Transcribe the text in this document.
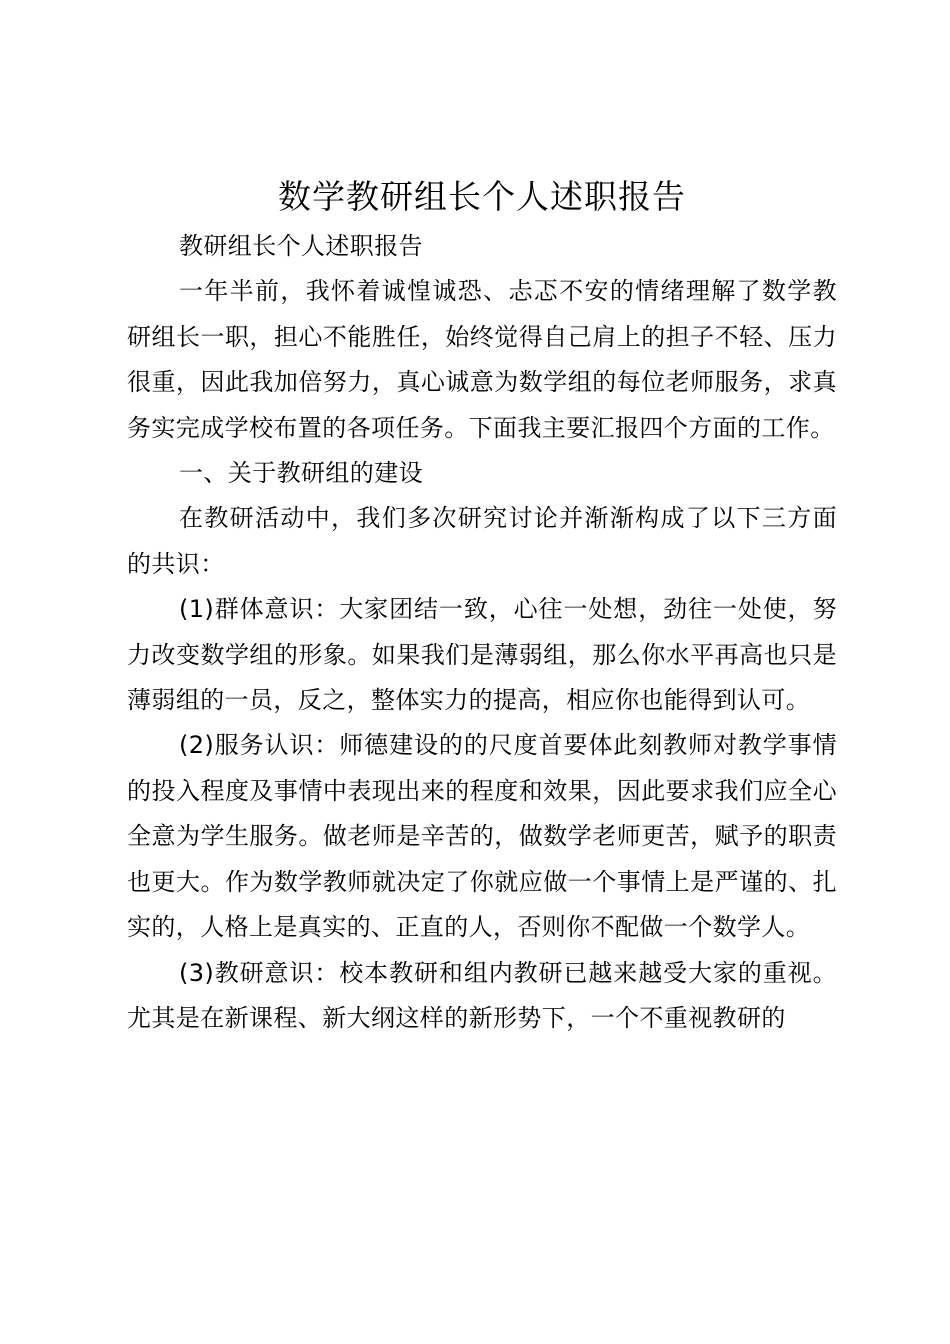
数学教研组长个人述职报告

教研组长个人述职报告

一年半前，我怀着诚惶诚恐、忐忑不安的情绪理解了数学教研组长一职，担心不能胜任，始终觉得自己肩上的担子不轻、压力很重，因此我加倍努力，真心诚意为数学组的每位老师服务，求真务实完成学校布置的各项任务。下面我主要汇报四个方面的工作。

一、关于教研组的建设

在教研活动中，我们多次研究讨论并渐渐构成了以下三方面的共识：

(1)群体意识：大家团结一致，心往一处想，劲往一处使，努力改变数学组的形象。如果我们是薄弱组，那么你水平再高也只是薄弱组的一员，反之，整体实力的提高，相应你也能得到认可。

(2)服务认识：师德建设的的尺度首要体此刻教师对教学事情的投入程度及事情中表现出来的程度和效果，因此要求我们应全心全意为学生服务。做老师是辛苦的，做数学老师更苦，赋予的职责也更大。作为数学教师就决定了你就应做一个事情上是严谨的、扎实的，人格上是真实的、正直的人，否则你不配做一个数学人。

(3)教研意识：校本教研和组内教研已越来越受大家的重视。尤其是在新课程、新大纲这样的新形势下，一个不重视教研的
